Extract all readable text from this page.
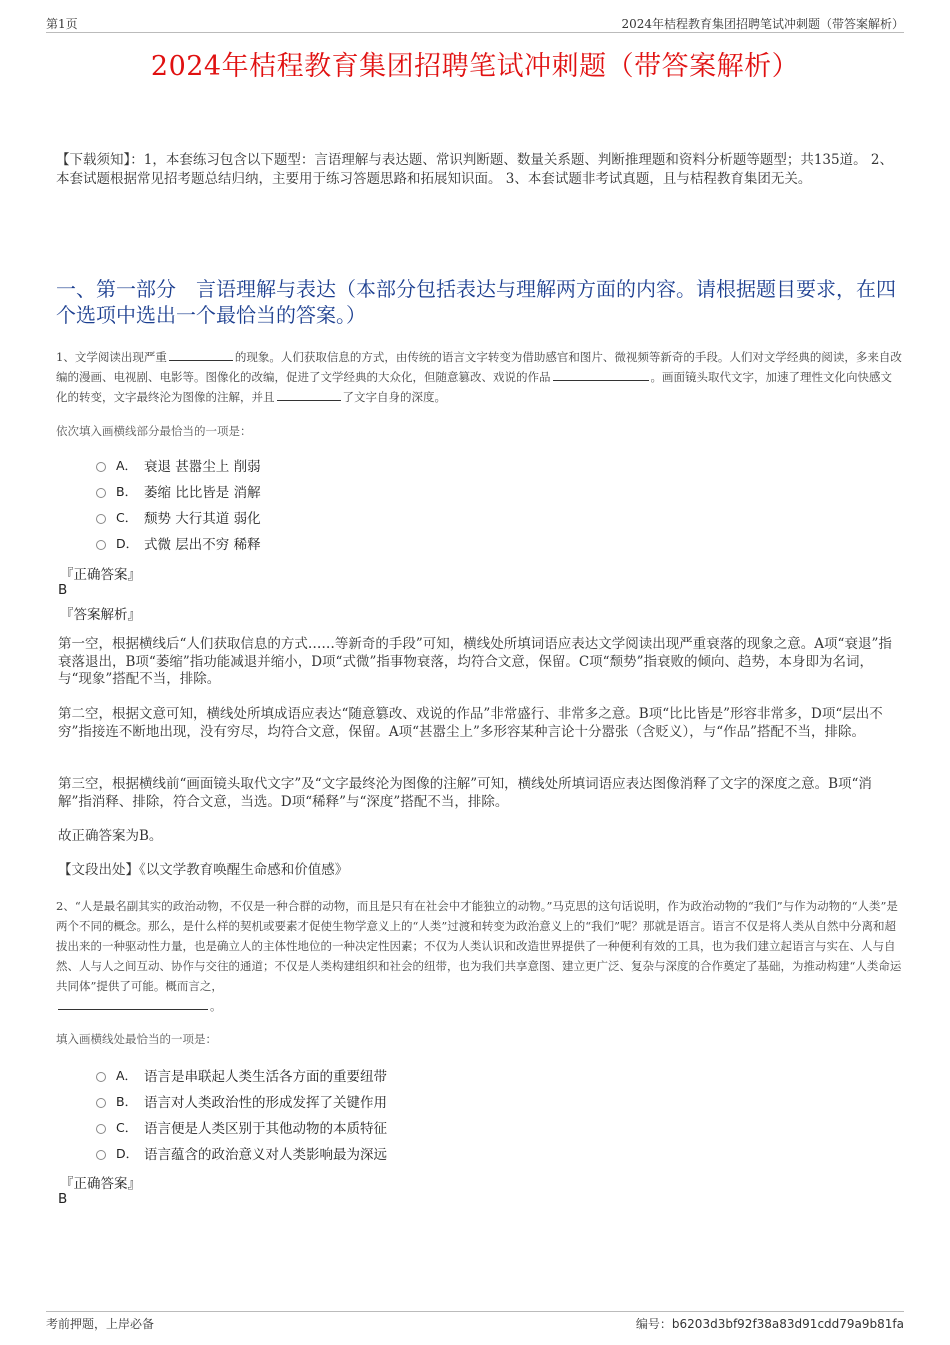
第1页	2024年桔程教育集团招聘笔试冲刺题（带答案解析）
2024年桔程教育集团招聘笔试冲刺题（带答案解析）
【下载须知】：1，本套练习包含以下题型：言语理解与表达题、常识判断题、数量关系题、判断推理题和资料分析题等题型；共135道。 2、本套试题根据常见招考题总结归纳，主要用于练习答题思路和拓展知识面。 3、本套试题非考试真题，且与桔程教育集团无关。
一、第一部分　言语理解与表达（本部分包括表达与理解两方面的内容。请根据题目要求，在四个选项中选出一个最恰当的答案。）
1、文学阅读出现严重	的现象。人们获取信息的方式，由传统的语言文字转变为借助感官和图片、微视频等新奇的手段。人们对文学经典的阅读，多来自改编的漫画、电视剧、电影等。图像化的改编，促进了文学经典的大众化，但随意篡改、戏说的作品	。画面镜头取代文字，加速了理性文化向快感文化的转变，文字最终沦为图像的注解，并且	了文字自身的深度。
依次填入画横线部分最恰当的一项是：
A． 衰退 甚嚣尘上 削弱
B． 萎缩 比比皆是 消解
C． 颓势 大行其道 弱化
D． 式微 层出不穷 稀释
『正确答案』
B
『答案解析』
第一空，根据横线后“人们获取信息的方式……等新奇的手段”可知，横线处所填词语应表达文学阅读出现严重衰落的现象之意。A项“衰退”指衰落退出，B项“萎缩”指功能减退并缩小，D项“式微”指事物衰落，均符合文意，保留。C项“颓势”指衰败的倾向、趋势，本身即为名词，与“现象”搭配不当，排除。
第二空，根据文意可知，横线处所填成语应表达“随意篡改、戏说的作品”非常盛行、非常多之意。B项“比比皆是”形容非常多，D项“层出不穷”指接连不断地出现，没有穷尽，均符合文意，保留。A项“甚嚣尘上”多形容某种言论十分嚣张（含贬义），与“作品”搭配不当，排除。
第三空，根据横线前“画面镜头取代文字”及“文字最终沦为图像的注解”可知，横线处所填词语应表达图像消释了文字的深度之意。B项“消解”指消释、排除，符合文意，当选。D项“稀释”与“深度”搭配不当，排除。
故正确答案为B。
【文段出处】《以文学教育唤醒生命感和价值感》
2、“人是最名副其实的政治动物，不仅是一种合群的动物，而且是只有在社会中才能独立的动物。”马克思的这句话说明，作为政治动物的“我们”与作为动物的“人类”是两个不同的概念。那么，是什么样的契机或要素才促使生物学意义上的“人类”过渡和转变为政治意义上的“我们”呢？那就是语言。语言不仅是将人类从自然中分离和超拔出来的一种驱动性力量，也是确立人的主体性地位的一种决定性因素；不仅为人类认识和改造世界提供了一种便利有效的工具，也为我们建立起语言与实在、人与自然、人与人之间互动、协作与交往的通道；不仅是人类构建组织和社会的纽带，也为我们共享意图、建立更广泛、复杂与深度的合作奠定了基础，为推动构建“人类命运共同体”提供了可能。概而言之，
。
填入画横线处最恰当的一项是：
A． 语言是串联起人类生活各方面的重要纽带
B． 语言对人类政治性的形成发挥了关键作用
C． 语言便是人类区别于其他动物的本质特征
D． 语言蕴含的政治意义对人类影响最为深远
『正确答案』
B
考前押题，上岸必备	编号：b6203d3bf92f38a83d91cdd79a9b81fa
